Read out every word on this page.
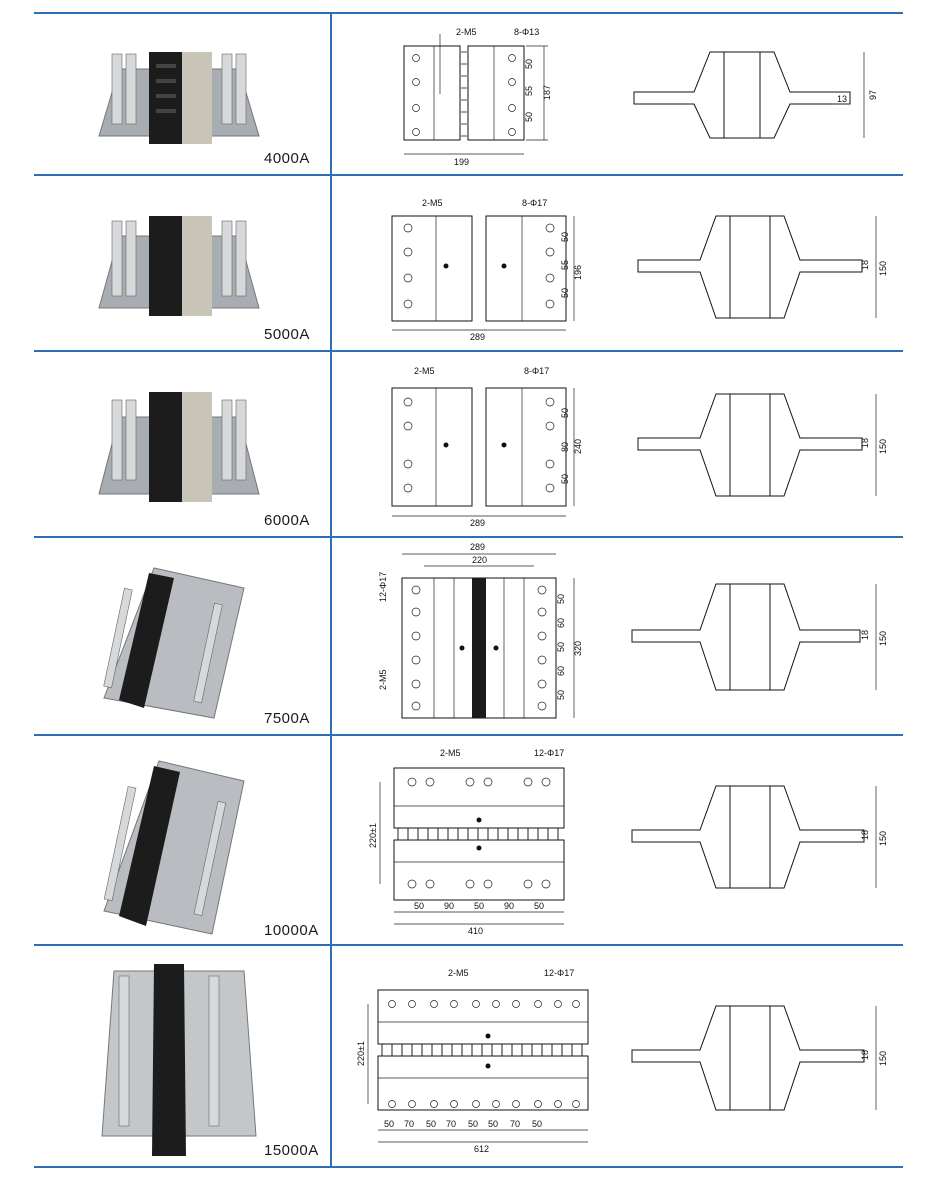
4000A
2-M5	8-Φ13
50
55
50
187
199
13 97
5000A
2-M5	8-Φ17
50
55
50
196
289
18 150
6000A
2-M5	8-Φ17
50
80
50
240
289
18 150
7500A
289
220
12-Φ17
2-M5
50
60
50
60
50
320
18 150
10000A
2-M5	12-Φ17
220±1
50 90 50 90 50
410
18 150
15000A
2-M5	12-Φ17
220±1
50 70 50 70 50 50 70 50
612
18 150
